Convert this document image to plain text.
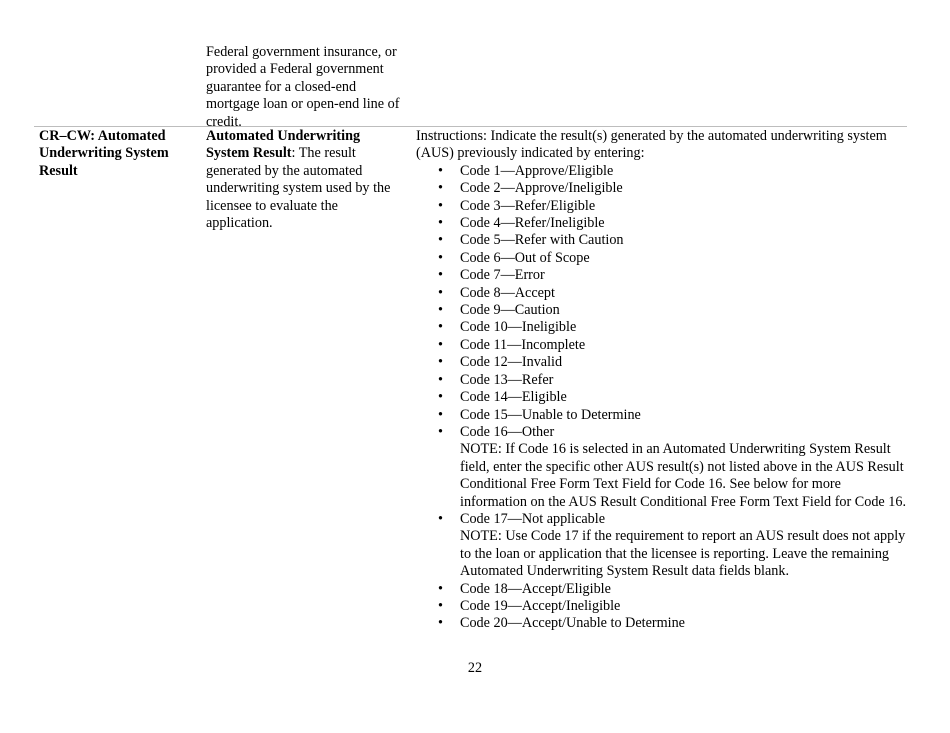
Federal government insurance, or provided a Federal government guarantee for a closed-end mortgage loan or open-end line of credit.
CR–CW: Automated Underwriting System Result
Automated Underwriting System Result: The result generated by the automated underwriting system used by the licensee to evaluate the application.
Instructions: Indicate the result(s) generated by the automated underwriting system (AUS) previously indicated by entering:
• Code 1—Approve/Eligible
• Code 2—Approve/Ineligible
• Code 3—Refer/Eligible
• Code 4—Refer/Ineligible
• Code 5—Refer with Caution
• Code 6—Out of Scope
• Code 7—Error
• Code 8—Accept
• Code 9—Caution
• Code 10—Ineligible
• Code 11—Incomplete
• Code 12—Invalid
• Code 13—Refer
• Code 14—Eligible
• Code 15—Unable to Determine
• Code 16—Other
NOTE: If Code 16 is selected in an Automated Underwriting System Result field, enter the specific other AUS result(s) not listed above in the AUS Result Conditional Free Form Text Field for Code 16. See below for more information on the AUS Result Conditional Free Form Text Field for Code 16.
• Code 17—Not applicable
NOTE: Use Code 17 if the requirement to report an AUS result does not apply to the loan or application that the licensee is reporting. Leave the remaining Automated Underwriting System Result data fields blank.
• Code 18—Accept/Eligible
• Code 19—Accept/Ineligible
• Code 20—Accept/Unable to Determine
22
